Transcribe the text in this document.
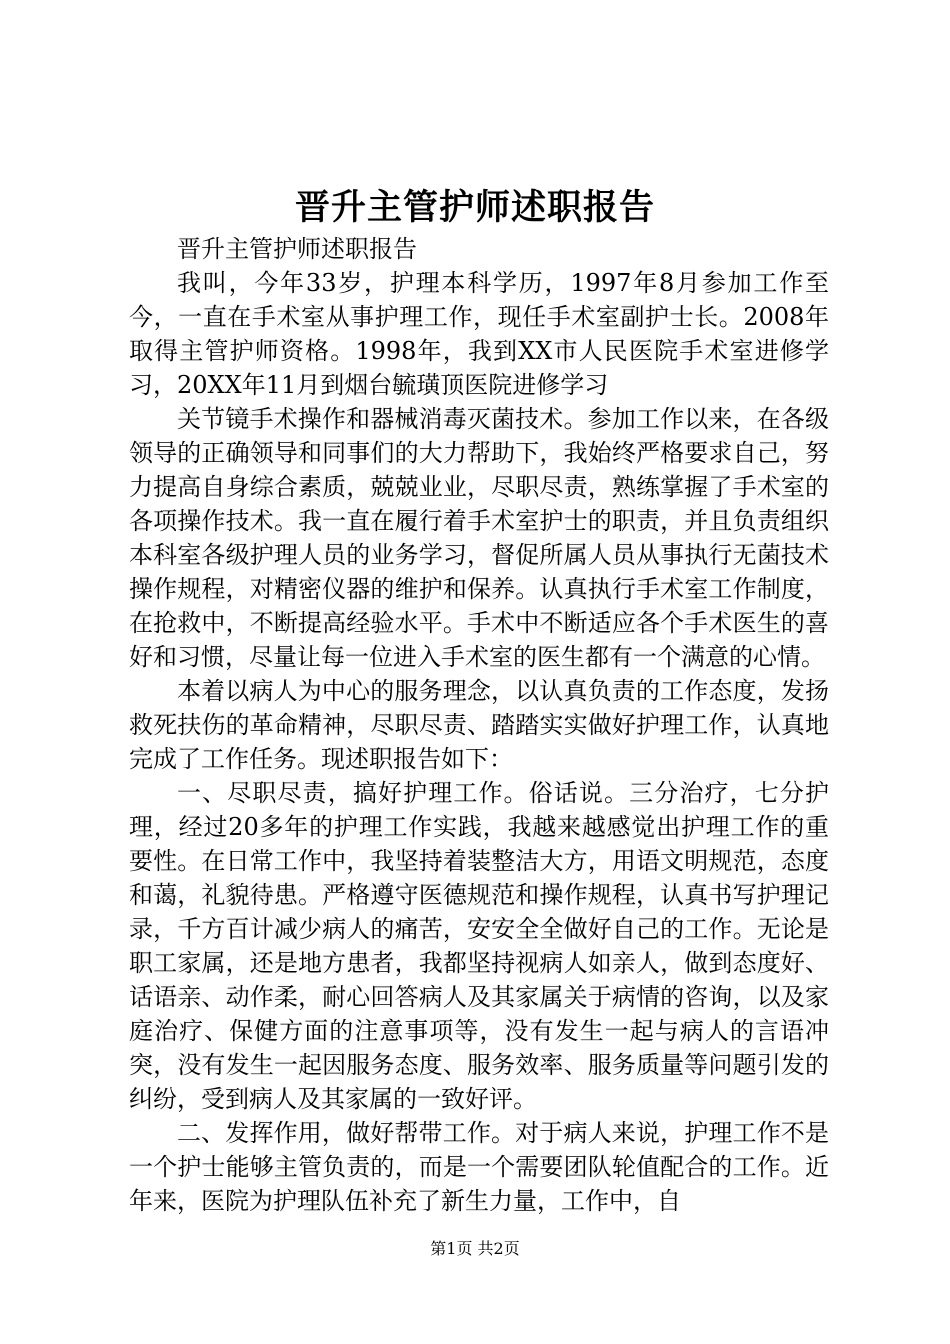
晋升主管护师述职报告

晋升主管护师述职报告

我叫，今年33岁，护理本科学历，1997年8月参加工作至今，一直在手术室从事护理工作，现任手术室副护士长。2008年取得主管护师资格。1998年，我到XX市人民医院手术室进修学习，20XX年11月到烟台毓璜顶医院进修学习

关节镜手术操作和器械消毒灭菌技术。参加工作以来，在各级领导的正确领导和同事们的大力帮助下，我始终严格要求自己，努力提高自身综合素质，兢兢业业，尽职尽责，熟练掌握了手术室的各项操作技术。我一直在履行着手术室护士的职责，并且负责组织本科室各级护理人员的业务学习，督促所属人员从事执行无菌技术操作规程，对精密仪器的维护和保养。认真执行手术室工作制度，在抢救中，不断提高经验水平。手术中不断适应各个手术医生的喜好和习惯，尽量让每一位进入手术室的医生都有一个满意的心情。

本着以病人为中心的服务理念，以认真负责的工作态度，发扬救死扶伤的革命精神，尽职尽责、踏踏实实做好护理工作，认真地完成了工作任务。现述职报告如下：

一、尽职尽责，搞好护理工作。俗话说。三分治疗，七分护理，经过20多年的护理工作实践，我越来越感觉出护理工作的重要性。在日常工作中，我坚持着装整洁大方，用语文明规范，态度和蔼，礼貌待患。严格遵守医德规范和操作规程，认真书写护理记录，千方百计减少病人的痛苦，安安全全做好自己的工作。无论是职工家属，还是地方患者，我都坚持视病人如亲人，做到态度好、话语亲、动作柔，耐心回答病人及其家属关于病情的咨询，以及家庭治疗、保健方面的注意事项等，没有发生一起与病人的言语冲突，没有发生一起因服务态度、服务效率、服务质量等问题引发的纠纷，受到病人及其家属的一致好评。

二、发挥作用，做好帮带工作。对于病人来说，护理工作不是一个护士能够主管负责的，而是一个需要团队轮值配合的工作。近年来，医院为护理队伍补充了新生力量，工作中，自

第1页 共2页
